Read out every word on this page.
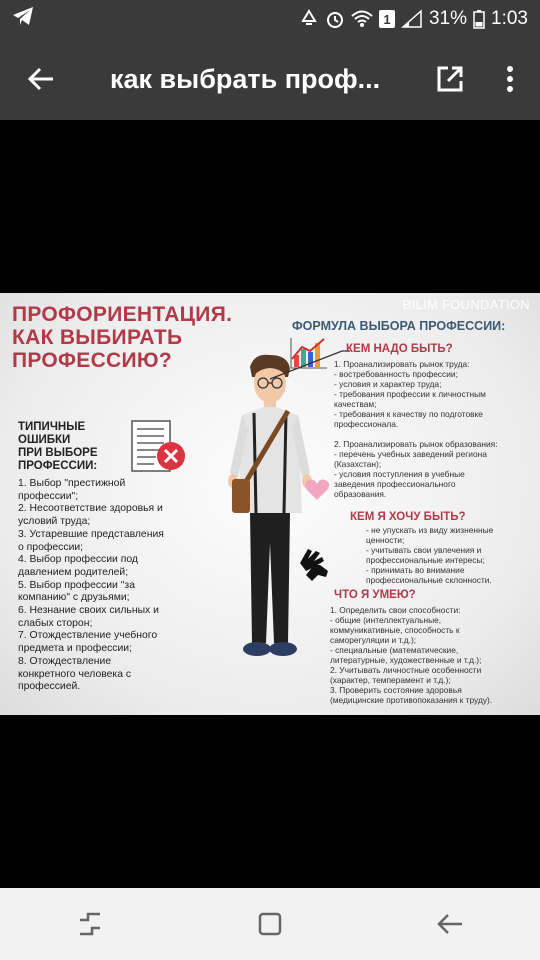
1 31% 1:03
как выбрать проф...
ПРОФОРИЕНТАЦИЯ.
КАК ВЫБИРАТЬ
ПРОФЕССИЮ?
BILIM FOUNDATION
ФОРМУЛА ВЫБОРА ПРОФЕССИИ:
ТИПИЧНЫЕ
ОШИБКИ
ПРИ ВЫБОРЕ
ПРОФЕССИИ:
1. Выбор "престижной
профессии";
2. Несоответствие здоровья и
условий труда;
3. Устаревшие представления
о профессии;
4. Выбор профессии под
давлением родителей;
5. Выбор профессии "за
компанию" с друзьями;
6. Незнание своих сильных и
слабых сторон;
7. Отождествление учебного
предмета и профессии;
8. Отождествление
конкретного человека с
профессией.
КЕМ НАДО БЫТЬ?
1. Проанализировать рынок труда:
- востребованность профессии;
- условия и характер труда;
- требования профессии к личностным
качествам;
- требования к качеству по подготовке
профессионала.
2. Проанализировать рынок образования:
- перечень учебных заведений региона
(Казахстан);
- условия поступления в учебные
заведения профессионального
образования.
КЕМ Я ХОЧУ БЫТЬ?
- не упускать из виду жизненные
ценности;
- учитывать свои увлечения и
профессиональные интересы;
- принимать во внимание
профессиональные склонности.
ЧТО Я УМЕЮ?
1. Определить свои способности:
- общие (интеллектуальные,
коммуникативные, способность к
саморегуляции и т.д.);
- специальные (математические,
литературные, художественные и т.д.);
2. Учитывать личностные особенности
(характер, темперамент и т.д.);
3. Проверить состояние здоровья
(медицинские противопоказания к труду).
